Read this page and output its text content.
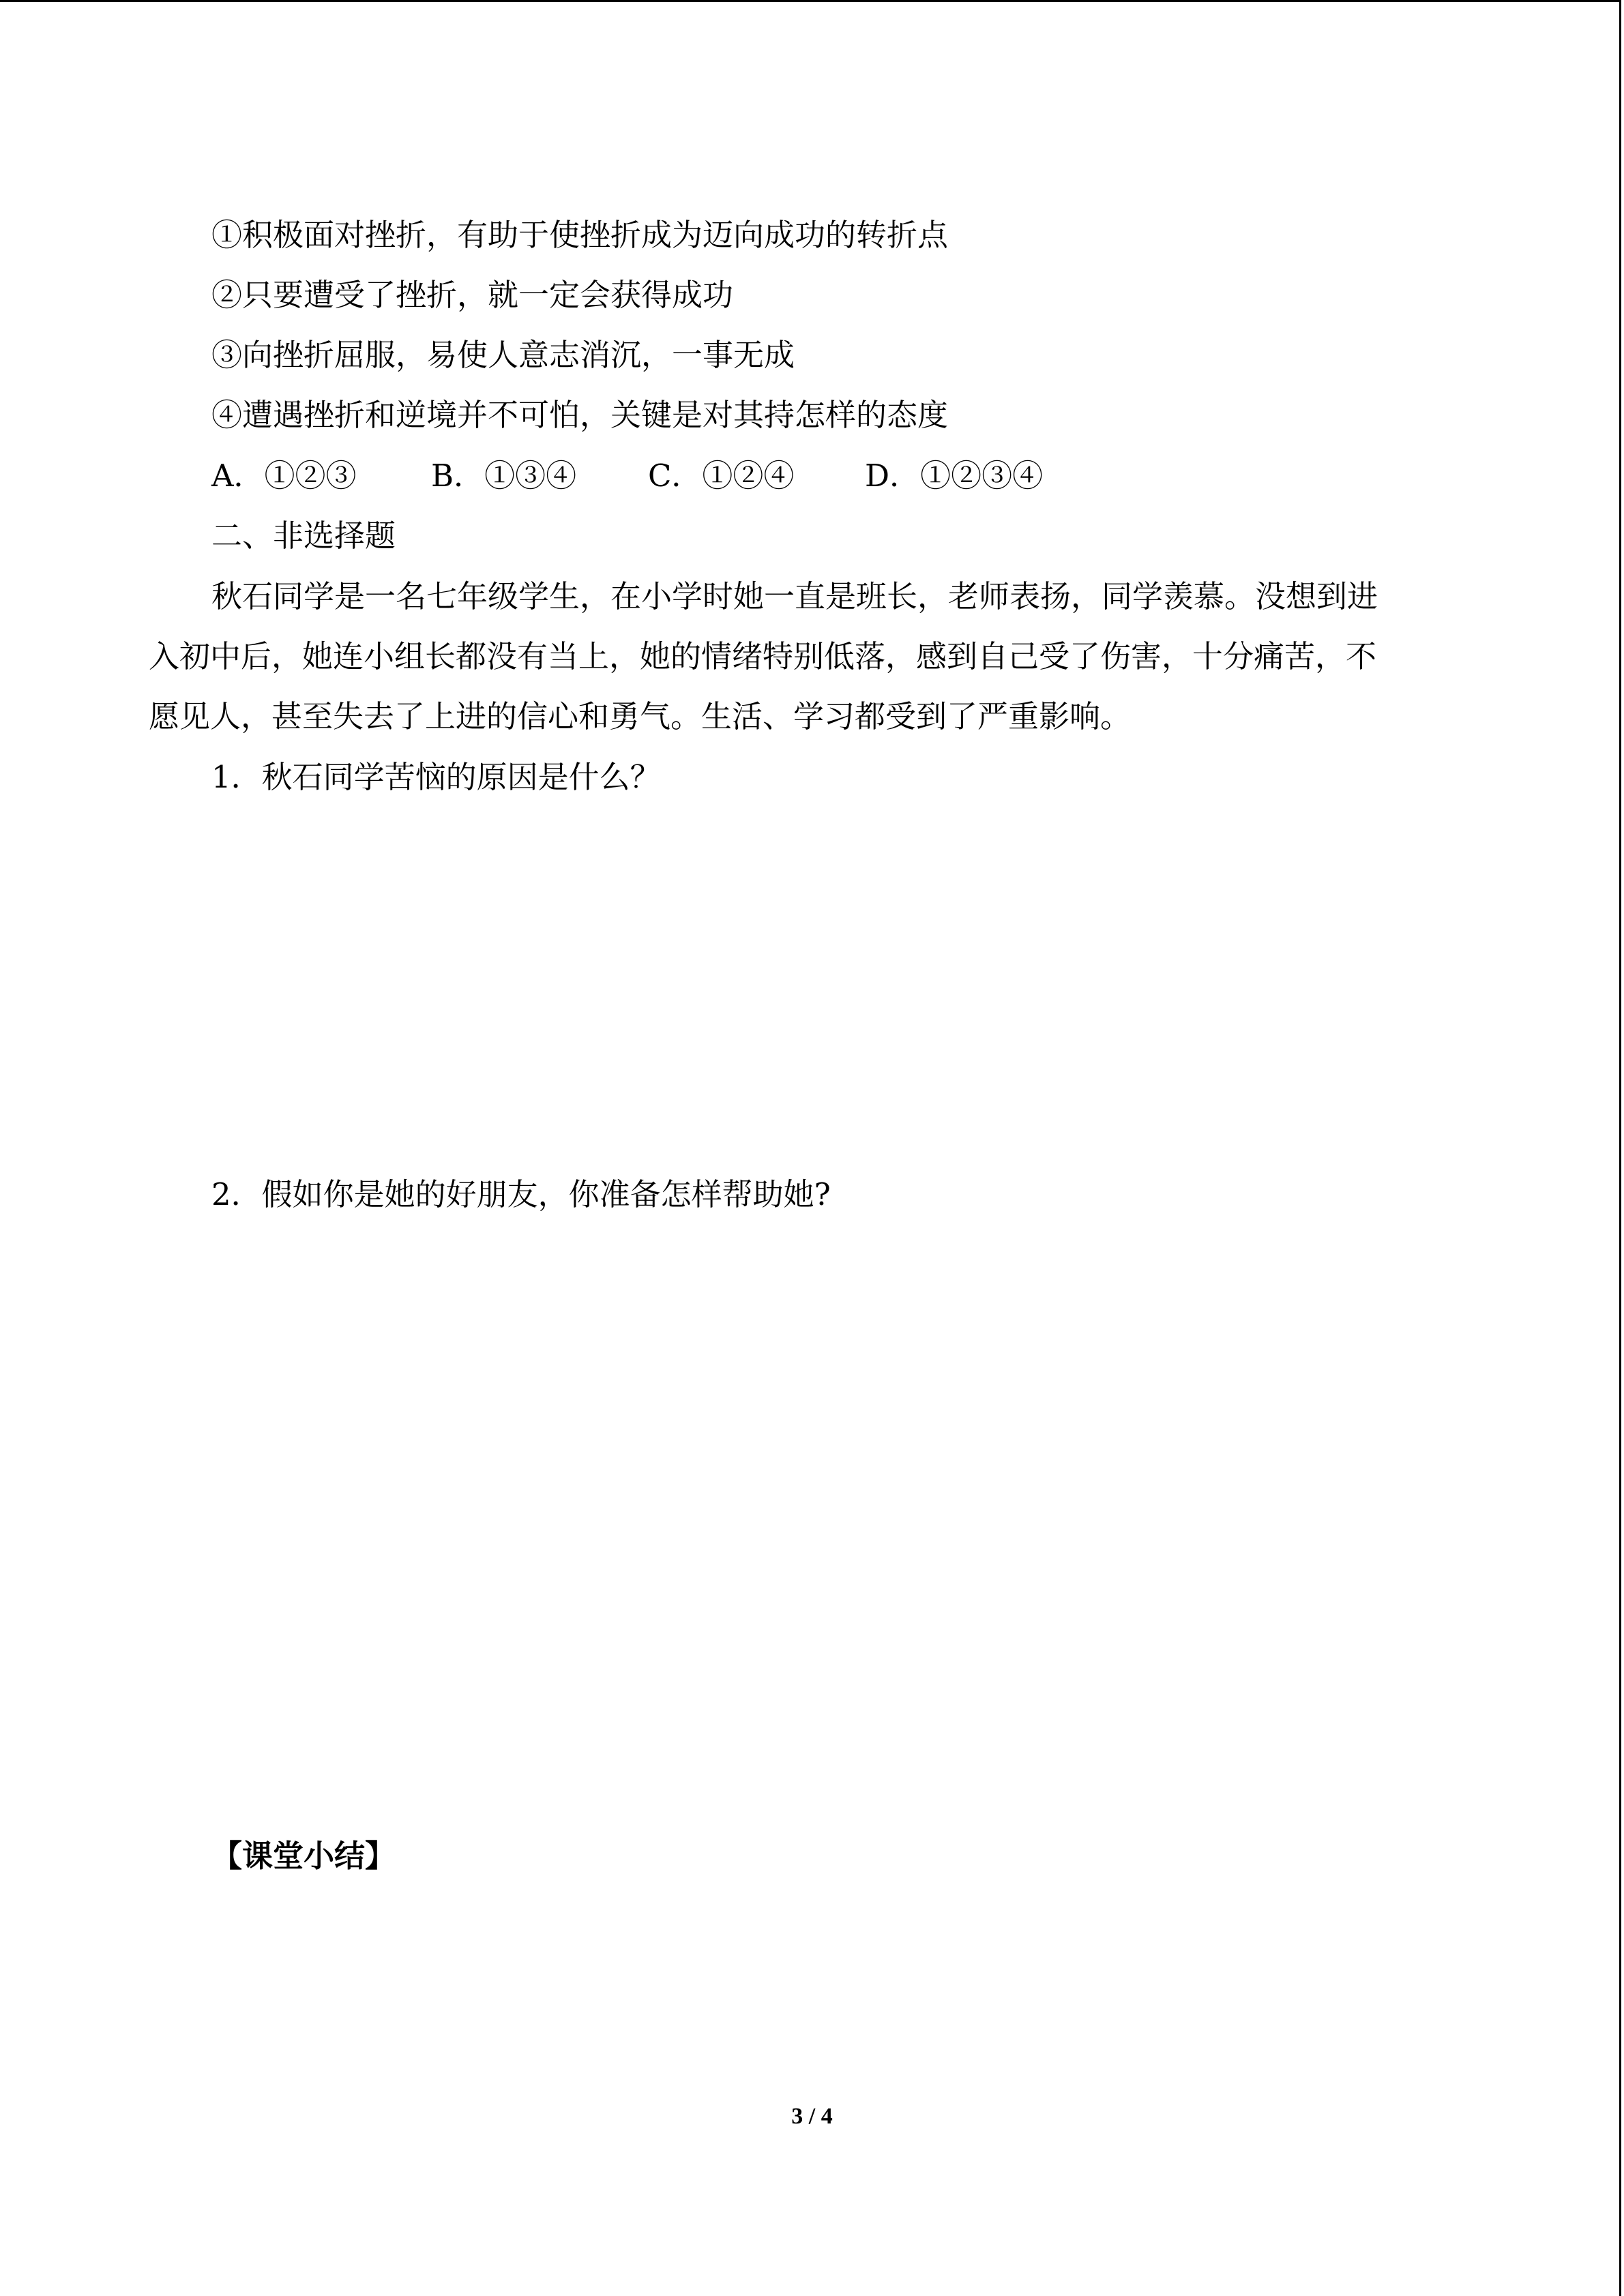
①积极面对挫折，有助于使挫折成为迈向成功的转折点
②只要遭受了挫折，就一定会获得成功
③向挫折屈服，易使人意志消沉，一事无成
④遭遇挫折和逆境并不可怕，关键是对其持怎样的态度
A．①②③ B．①③④ C．①②④ D．①②③④
二、非选择题
秋石同学是一名七年级学生，在小学时她一直是班长，老师表扬，同学羡慕。没想到进
入初中后，她连小组长都没有当上，她的情绪特别低落，感到自己受了伤害，十分痛苦，不
愿见人，甚至失去了上进的信心和勇气。生活、学习都受到了严重影响。
1．秋石同学苦恼的原因是什么？
2．假如你是她的好朋友，你准备怎样帮助她?
【课堂小结】
3 / 4
